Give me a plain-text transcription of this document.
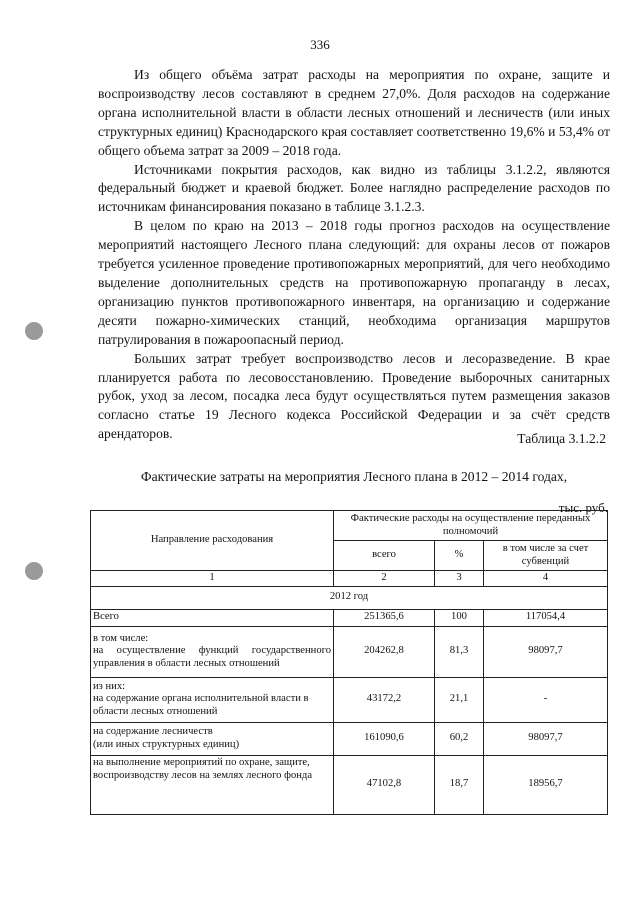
336

Из общего объёма затрат расходы на мероприятия по охране, защите и воспроизводству лесов составляют в среднем 27,0%. Доля расходов на содержание органа исполнительной власти в области лесных отношений и лесничеств (или иных структурных единиц) Краснодарского края составляет соответственно 19,6% и 53,4% от общего объема затрат за 2009 – 2018 года.

Источниками покрытия расходов, как видно из таблицы 3.1.2.2, являются федеральный бюджет и краевой бюджет. Более наглядно распределение расходов по источникам финансирования показано в таблице 3.1.2.3.

В целом по краю на 2013 – 2018 годы прогноз расходов на осуществление мероприятий настоящего Лесного плана следующий: для охраны лесов от пожаров требуется усиленное проведение противопожарных мероприятий, для чего необходимо выделение дополнительных средств на противопожарную пропаганду в лесах, организацию пунктов противопожарного инвентаря, на организацию и содержание десяти пожарно-химических станций, необходима организация маршрутов патрулирования в пожароопасный период.

Больших затрат требует воспроизводство лесов и лесоразведение. В крае планируется работа по лесовосстановлению. Проведение выборочных санитарных рубок, уход за лесом, посадка леса будут осуществляться путем размещения заказов согласно статье 19 Лесного кодекса Российской Федерации и за счёт средств арендаторов.	Таблица 3.1.2.2
Фактические затраты на мероприятия Лесного плана в 2012 – 2014 годах,
тыс. руб.
Направление расходования	Фактические расходы на осуществление переданных полномочий		
	всего	%	в том числе за счет субвенций
1	2	3	4
2012 год			
Всего	251365,6	100	117054,4
в том числе:
на осуществление функций государственного управления в области лесных отношений	204262,8	81,3	98097,7
из них:
на содержание органа исполнительной власти в области лесных отношений	43172,2	21,1	-
на содержание лесничеств
(или иных структурных единиц)	161090,6	60,2	98097,7
на выполнение мероприятий по охране, защите, воспроизводству лесов на землях лесного фонда	47102,8	18,7	18956,7
